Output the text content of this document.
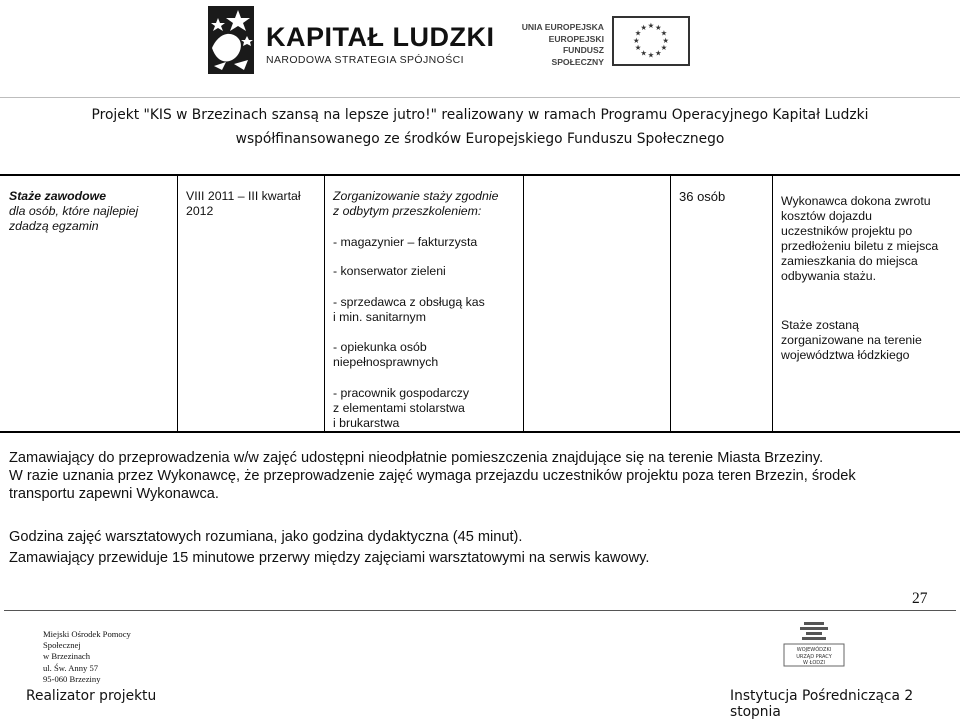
KAPITAŁ LUDZKI
NARODOWA STRATEGIA SPÓJNOŚCI
UNIA EUROPEJSKA
EUROPEJSKI
FUNDUSZ SPOŁECZNY
★ ★
★
★
★
★
★
★
★
★
★
★
Projekt "KIS w Brzezinach szansą na lepsze jutro!" realizowany w ramach Programu Operacyjnego Kapitał Ludzki
współfinansowanego ze środków Europejskiego Funduszu Społecznego
Staże zawodowe
dla osób, które najlepiej
zdadzą egzamin
VIII 2011 – III kwartał
2012
Zorganizowanie staży zgodnie
z odbytym przeszkoleniem:
- magazynier – fakturzysta
- konserwator zieleni
- sprzedawca z obsługą kas
i min. sanitarnym
- opiekunka osób
niepełnosprawnych
- pracownik gospodarczy
z elementami stolarstwa
i brukarstwa
36 osób	Wykonawca dokona zwrotu
kosztów dojazdu
uczestników projektu po
przedłożeniu biletu z miejsca
zamieszkania do miejsca
odbywania stażu.
Staże zostaną
zorganizowane na terenie
województwa łódzkiego
Zamawiający do przeprowadzenia w/w zajęć udostępni nieodpłatnie pomieszczenia znajdujące się na terenie Miasta Brzeziny.
W razie uznania przez Wykonawcę, że przeprowadzenie zajęć wymaga przejazdu uczestników projektu poza teren Brzezin, środek
transportu zapewni Wykonawca.
Godzina zajęć warsztatowych rozumiana, jako godzina dydaktyczna (45 minut).
Zamawiający przewiduje 15 minutowe przerwy między zajęciami warsztatowymi na serwis kawowy.
27
Miejski Ośrodek Pomocy
Społecznej
w Brzezinach
ul. Św. Anny 57
95-060 Brzeziny
WOJEWÓDZKI
URZĄD PRACY
W ŁODZI
Realizator projektu	Instytucja Pośrednicząca 2 stopnia
